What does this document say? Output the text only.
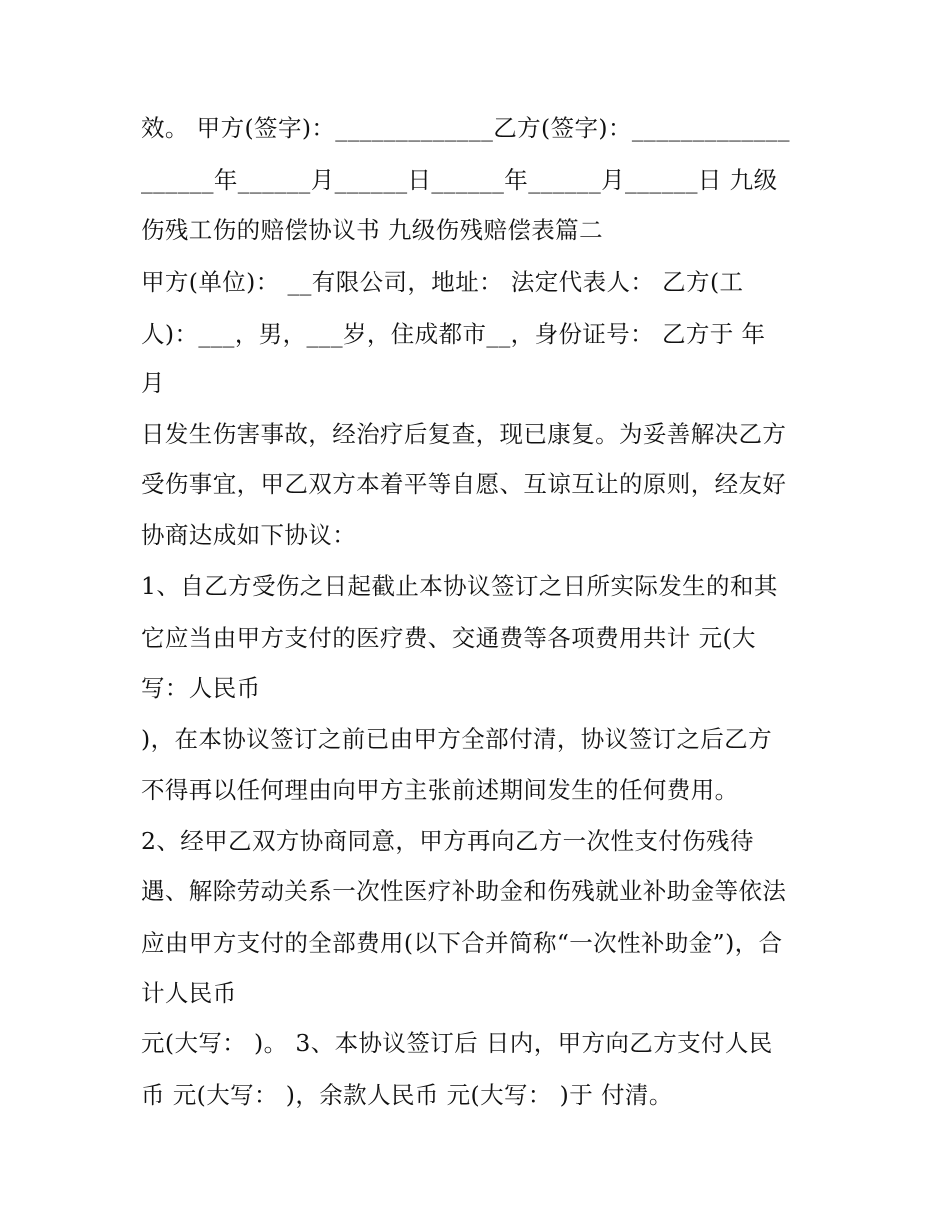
效。 甲方(签字)：_____________乙方(签字)：_____________
______年______月______日______年______月______日 九级
伤残工伤的赔偿协议书 九级伤残赔偿表篇二
甲方(单位)： __有限公司，地址： 法定代表人： 乙方(工
人)：___，男，___岁，住成都市__，身份证号： 乙方于 年
月
日发生伤害事故，经治疗后复查，现已康复。为妥善解决乙方
受伤事宜，甲乙双方本着平等自愿、互谅互让的原则，经友好
协商达成如下协议：
1、自乙方受伤之日起截止本协议签订之日所实际发生的和其
它应当由甲方支付的医疗费、交通费等各项费用共计 元(大
写：人民币
)，在本协议签订之前已由甲方全部付清，协议签订之后乙方
不得再以任何理由向甲方主张前述期间发生的任何费用。
2、经甲乙双方协商同意，甲方再向乙方一次性支付伤残待
遇、解除劳动关系一次性医疗补助金和伤残就业补助金等依法
应由甲方支付的全部费用(以下合并简称“一次性补助金”)，合
计人民币
元(大写： )。 3、本协议签订后 日内，甲方向乙方支付人民
币 元(大写： )，余款人民币 元(大写： )于 付清。
